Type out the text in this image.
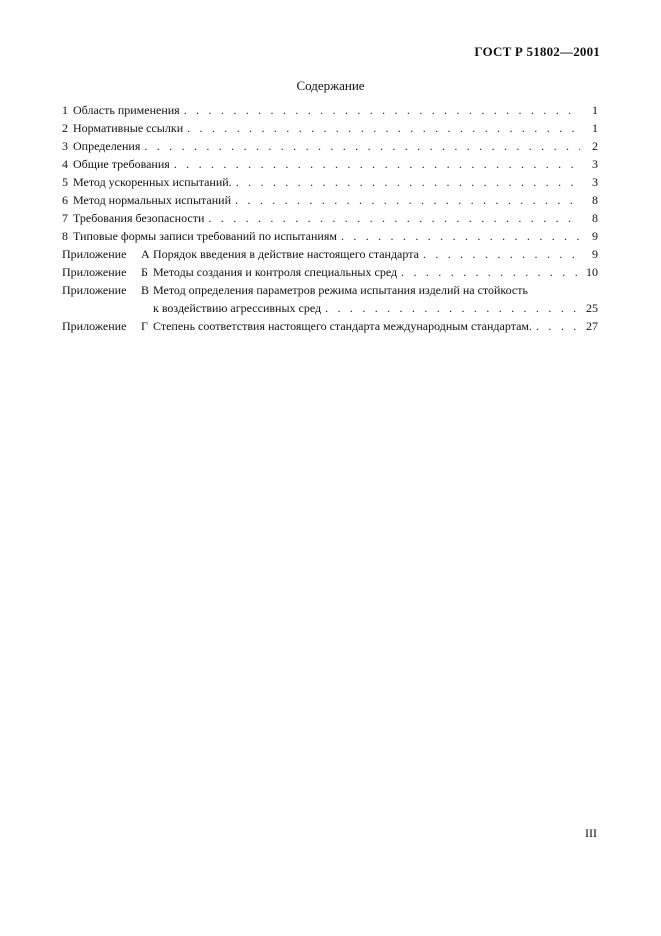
ГОСТ Р 51802—2001
Содержание
1 Область применения . . .	1
2 Нормативные ссылки . . .	1
3 Определения . . .	2
4 Общие требования . . .	3
5 Метод ускоренных испытаний. . . .	3
6 Метод нормальных испытаний . . .	8
7 Требования безопасности . . .	8
8 Типовые формы записи требований по испытаниям . . .	9
Приложение	А Порядок введения в действие настоящего стандарта . . .	9
Приложение	Б Методы создания и контроля специальных сред . . .	10
Приложение	В Метод определения параметров режима испытания изделий на стойкость
к воздействию агрессивных сред . . .	25
Приложение	Г Степень соответствия настоящего стандарта международным стандартам. . . .	27
III
